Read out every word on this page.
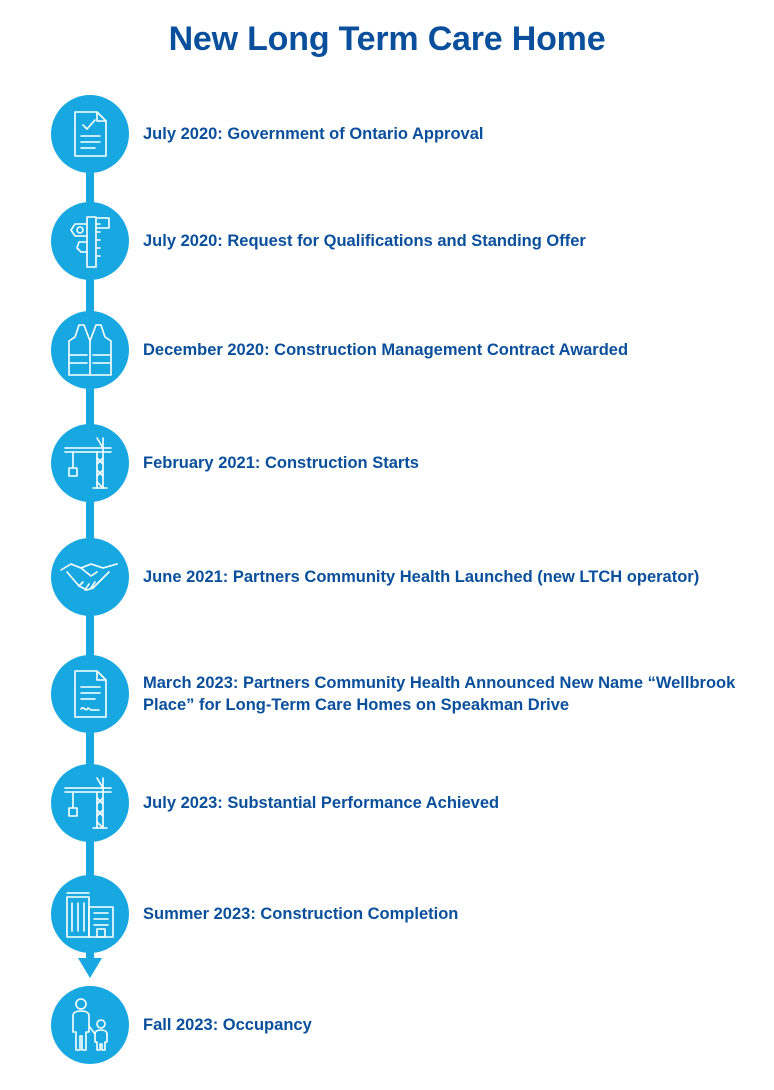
New Long Term Care Home
July 2020: Government of Ontario Approval
July 2020: Request for Qualifications and Standing Offer
December 2020: Construction Management Contract Awarded
February 2021: Construction Starts
June 2021: Partners Community Health Launched (new LTCH operator)
March 2023: Partners Community Health Announced New Name “Wellbrook Place” for Long-Term Care Homes on Speakman Drive
July 2023: Substantial Performance Achieved
Summer 2023: Construction Completion
Fall 2023: Occupancy
